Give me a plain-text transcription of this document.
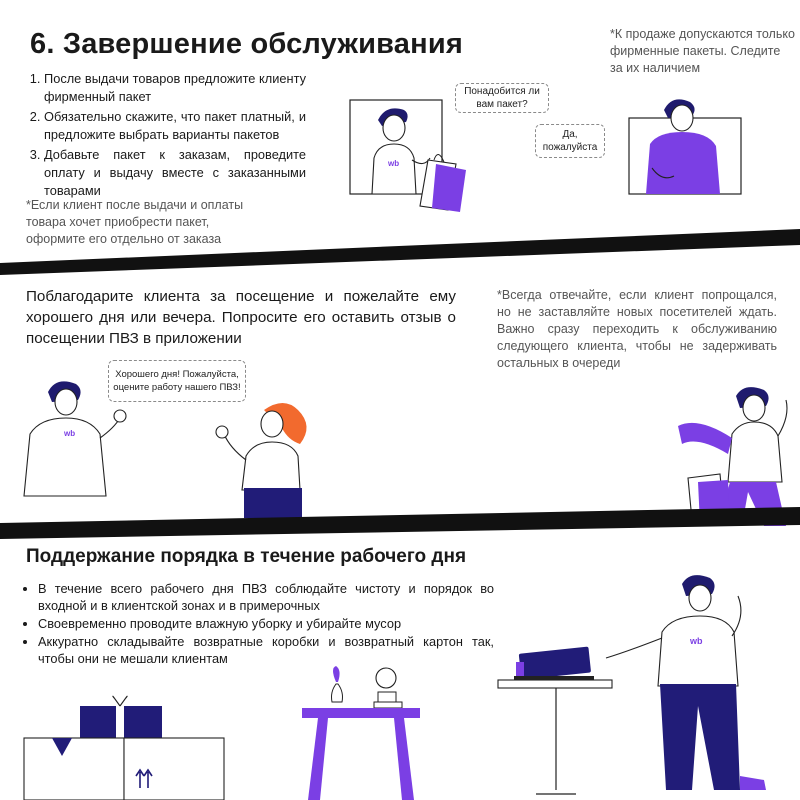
6. Завершение обслуживания	*К продаже допускаются только фирменные пакеты. Следите за их наличием
1. После выдачи товаров предложите клиенту фирменный пакет
2. Обязательно скажите, что пакет платный, и предложите выбрать варианты пакетов
3. Добавьте пакет к заказам, проведите оплату и выдачу вместе с заказанными товарами
*Если клиент после выдачи и оплаты товара хочет приобрести пакет, оформите его отдельно от заказа
wb
Понадобится ли вам пакет?
Да, пожалуйста
Поблагодарите клиента за посещение и пожелайте ему хорошего дня или вечера. Попросите его оставить отзыв о посещении ПВЗ в приложении
*Всегда отвечайте, если клиент попрощался, но не заставляйте новых посетителей ждать. Важно сразу переходить к обслуживанию следующего клиента, чтобы не задерживать остальных в очереди
Хорошего дня! Пожалуйста, оцените работу нашего ПВЗ!
wb
Поддержание порядка в течение рабочего дня
• В течение всего рабочего дня ПВЗ соблюдайте чистоту и порядок во входной и в клиентской зонах и в примерочных
• Своевременно проводите влажную уборку и убирайте мусор
• Аккуратно складывайте возвратные коробки и возвратный картон так, чтобы они не мешали клиентам
wb
